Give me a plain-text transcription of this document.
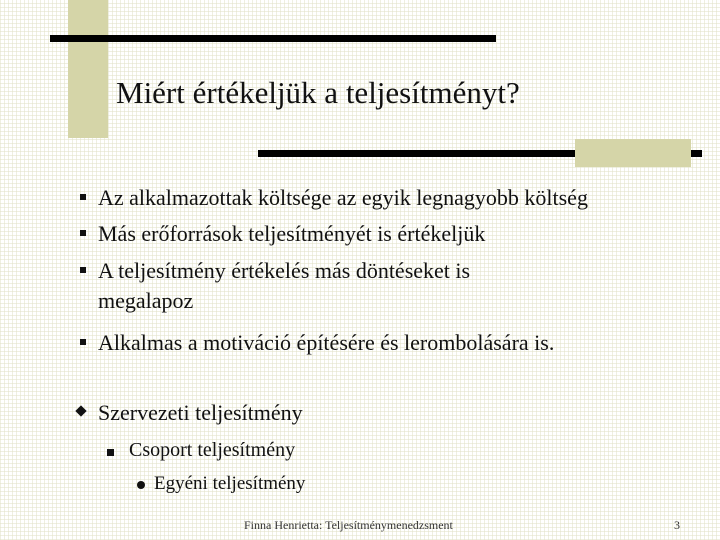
Miért értékeljük a teljesítményt?
Az alkalmazottak költsége az egyik legnagyobb költség
Más erőforrások teljesítményét is értékeljük
A teljesítmény értékelés más döntéseket is
megalapoz
Alkalmas a motiváció építésére és lerombolására is.
Szervezeti teljesítmény
Csoport teljesítmény
Egyéni teljesítmény
Finna Henrietta: Teljesítménymenedzsment	3
